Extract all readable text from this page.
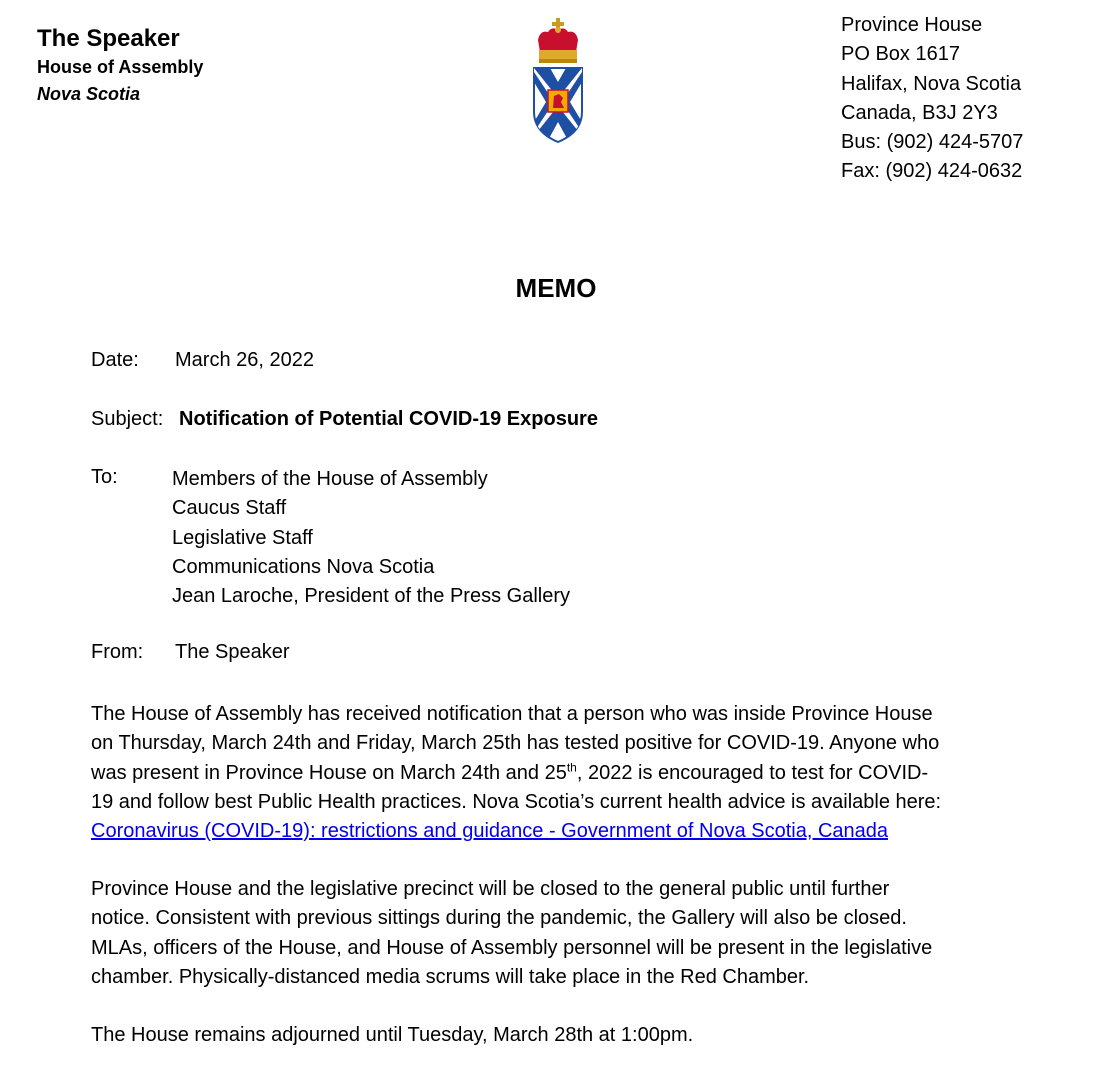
The Speaker
House of Assembly
Nova Scotia
Province House
PO Box 1617
Halifax, Nova Scotia
Canada, B3J 2Y3
Bus: (902) 424-5707
Fax: (902) 424-0632
MEMO
Date: March 26, 2022
Subject: Notification of Potential COVID-19 Exposure
To:	Members of the House of Assembly
Caucus Staff
Legislative Staff
Communications Nova Scotia
Jean Laroche, President of the Press Gallery
From: The Speaker
The House of Assembly has received notification that a person who was inside Province House
on Thursday, March 24th and Friday, March 25th has tested positive for COVID-19. Anyone who
was present in Province House on March 24th and 25th, 2022 is encouraged to test for COVID-
19 and follow best Public Health practices. Nova Scotia’s current health advice is available here:
Coronavirus (COVID-19): restrictions and guidance - Government of Nova Scotia, Canada
Province House and the legislative precinct will be closed to the general public until further
notice. Consistent with previous sittings during the pandemic, the Gallery will also be closed.
MLAs, officers of the House, and House of Assembly personnel will be present in the legislative
chamber. Physically-distanced media scrums will take place in the Red Chamber.
The House remains adjourned until Tuesday, March 28th at 1:00pm.
